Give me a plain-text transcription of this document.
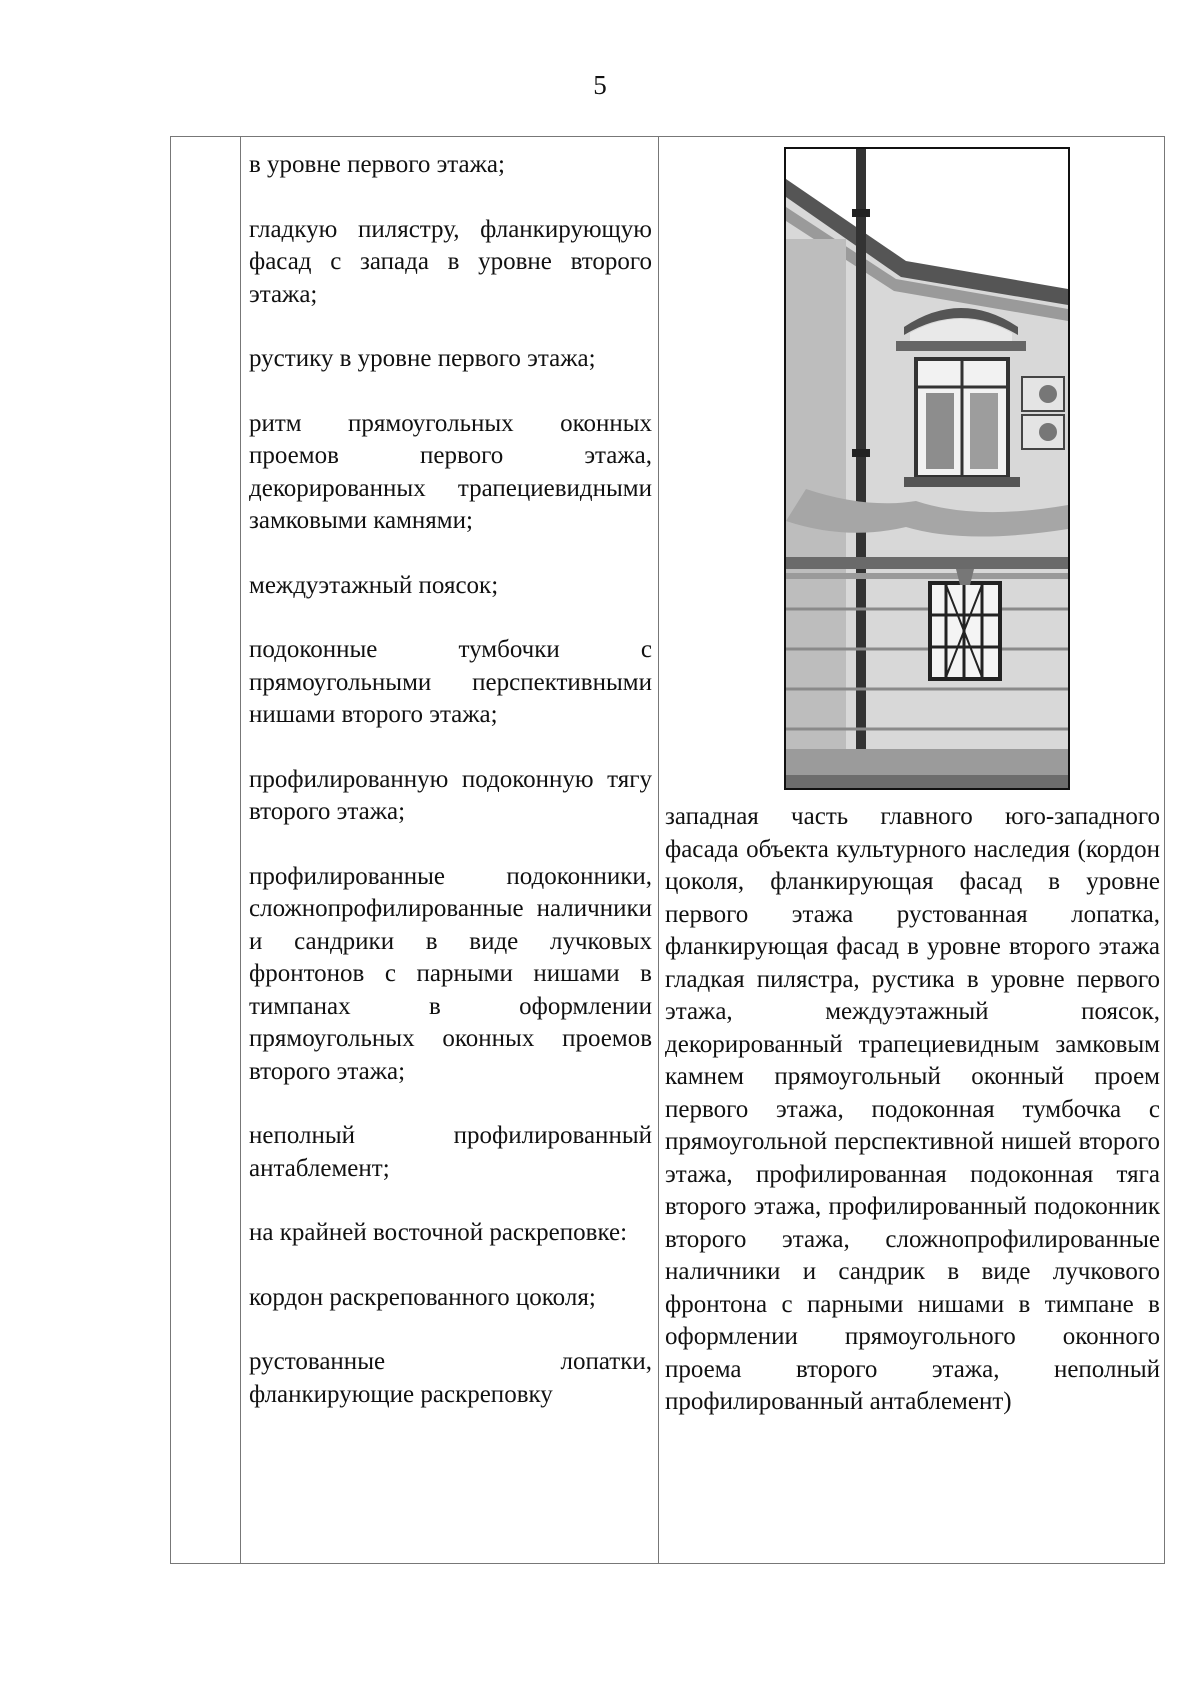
5

в уровне первого этажа;

гладкую пилястру, фланкирующую фасад с запада в уровне второго этажа;

рустику в уровне первого этажа;

ритм прямоугольных оконных проемов первого этажа, декорированных трапециевидными замковыми камнями;

междуэтажный поясок;

подоконные тумбочки с прямоугольными перспективными нишами второго этажа;

профилированную подоконную тягу второго этажа;

профилированные подоконники, сложнопрофилированные наличники и сандрики в виде лучковых фронтонов с парными нишами в тимпанах в оформлении прямоугольных оконных проемов второго этажа;

неполный профилированный антаблемент;

на крайней восточной раскреповке:

кордон раскрепованного цоколя;

рустованные лопатки, фланкирующие раскреповку

западная часть главного юго-западного фасада объекта культурного наследия (кордон цоколя, фланкирующая фасад в уровне первого этажа рустованная лопатка, фланкирующая фасад в уровне второго этажа гладкая пилястра, рустика в уровне первого этажа, междуэтажный поясок, декорированный трапециевидным замковым камнем прямоугольный оконный проем первого этажа, подоконная тумбочка с прямоугольной перспективной нишей второго этажа, профилированная подоконная тяга второго этажа, профилированный подоконник второго этажа, сложнопрофилированные наличники и сандрик в виде лучкового фронтона с парными нишами в тимпане в оформлении прямоугольного оконного проема второго этажа, неполный профилированный антаблемент)
